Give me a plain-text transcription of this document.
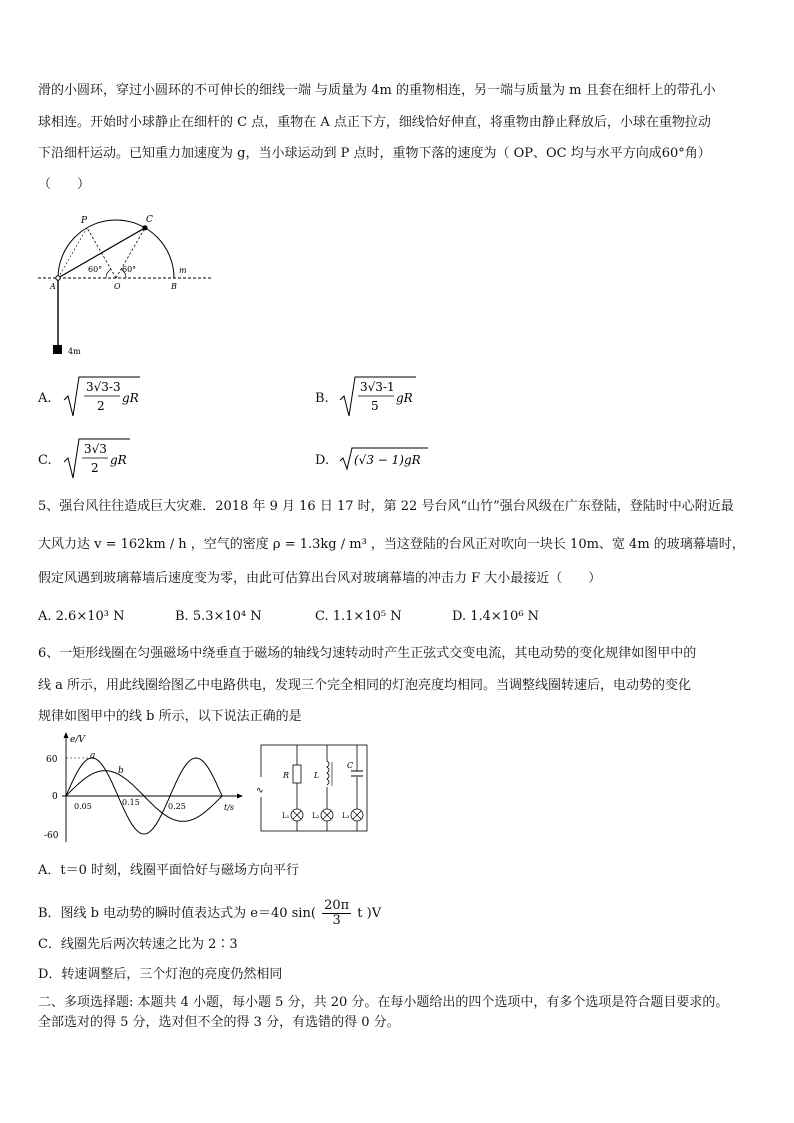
滑的小圆环，穿过小圆环的不可伸长的细线一端 与质量为 4m 的重物相连，另一端与质量为 m 且套在细杆上的带孔小
球相连。开始时小球静止在细杆的 C 点，重物在 A 点正下方，细线恰好伸直，将重物由静止释放后，小球在重物拉动
下沿细杆运动。已知重力加速度为 g，当小球运动到 P 点时，重物下落的速度为（ OP、OC 均与水平方向成60°角）
（　　）
P	C
A	O	B
m
60° 60°
4m
A.
3√3-3
2
gR	B.
3√3-1
5
gR
C.
3√3
2
gR	D. (√3 − 1)gR
5、强台风往往造成巨大灾难．2018 年 9 月 16 日 17 时，第 22 号台风“山竹”强台风级在广东登陆，登陆时中心附近最
大风力达 v = 162km / h ，空气的密度 ρ = 1.3kg / m³ ，当这登陆的台风正对吹向一块长 10m、宽 4m 的玻璃幕墙时，
假定风遇到玻璃幕墙后速度变为零，由此可估算出台风对玻璃幕墙的冲击力 F 大小最接近（　　）
A. 2.6×10³ N	B. 5.3×10⁴ N	C. 1.1×10⁵ N	D. 1.4×10⁶ N
6、一矩形线圈在匀强磁场中绕垂直于磁场的轴线匀速转动时产生正弦式交变电流，其电动势的变化规律如图甲中的
线 a 所示，用此线圈给图乙中电路供电，发现三个完全相同的灯泡亮度均相同。当调整线圈转速后，电动势的变化
规律如图甲中的线 b 所示，以下说法正确的是
e/V
t/s
60
0
-60
0.05	0.15	0.25
a
b
∿
R	L
C
L₁	L₂	L₃
A．t＝0 时刻，线圈平面恰好与磁场方向平行
B．图线 b 电动势的瞬时值表达式为 e＝40 $\sin( \frac{20\pi}{3}$ t )V
C．线圈先后两次转速之比为 2∶3
D．转速调整后，三个灯泡的亮度仍然相同
二、多项选择题: 本题共 4 小题，每小题 5 分，共 20 分。在每小题给出的四个选项中，有多个选项是符合题目要求的。
全部选对的得 5 分，选对但不全的得 3 分，有选错的得 0 分。
